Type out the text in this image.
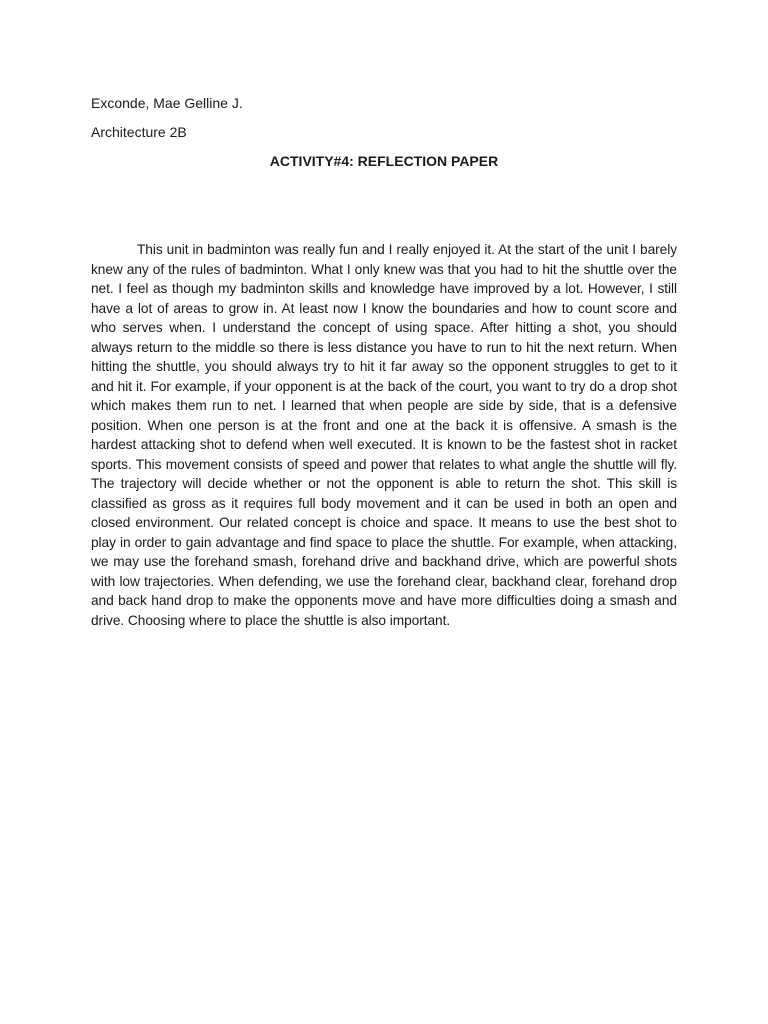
Exconde, Mae Gelline J.

Architecture 2B

ACTIVITY#4: REFLECTION PAPER

This unit in badminton was really fun and I really enjoyed it. At the start of the unit I barely knew any of the rules of badminton. What I only knew was that you had to hit the shuttle over the net. I feel as though my badminton skills and knowledge have improved by a lot. However, I still have a lot of areas to grow in. At least now I know the boundaries and how to count score and who serves when. I understand the concept of using space. After hitting a shot, you should always return to the middle so there is less distance you have to run to hit the next return. When hitting the shuttle, you should always try to hit it far away so the opponent struggles to get to it and hit it. For example, if your opponent is at the back of the court, you want to try do a drop shot which makes them run to net. I learned that when people are side by side, that is a defensive position. When one person is at the front and one at the back it is offensive. A smash is the hardest attacking shot to defend when well executed. It is known to be the fastest shot in racket sports. This movement consists of speed and power that relates to what angle the shuttle will fly. The trajectory will decide whether or not the opponent is able to return the shot. This skill is classified as gross as it requires full body movement and it can be used in both an open and closed environment. Our related concept is choice and space. It means to use the best shot to play in order to gain advantage and find space to place the shuttle. For example, when attacking, we may use the forehand smash, forehand drive and backhand drive, which are powerful shots with low trajectories. When defending, we use the forehand clear, backhand clear, forehand drop and back hand drop to make the opponents move and have more difficulties doing a smash and drive. Choosing where to place the shuttle is also important.
